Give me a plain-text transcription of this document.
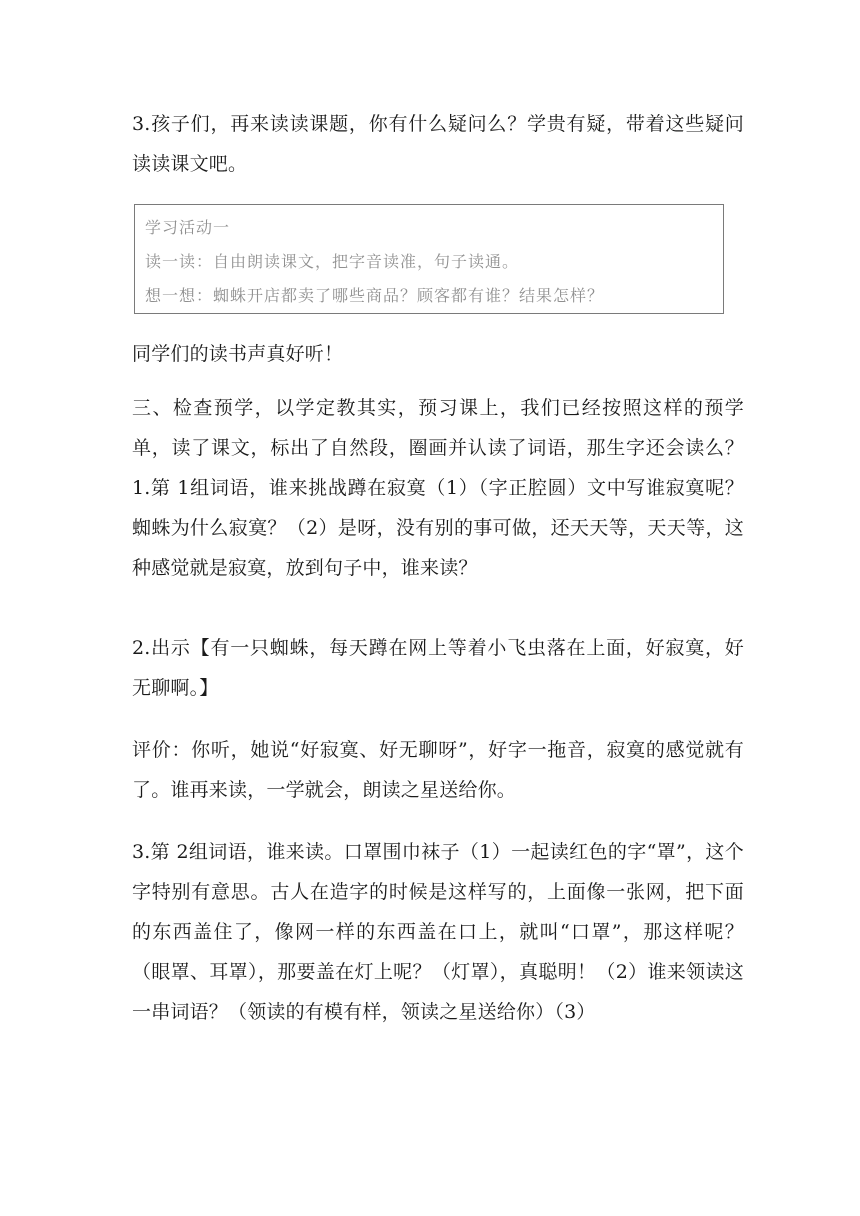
3.孩子们，再来读读课题，你有什么疑问么？学贵有疑，带着这些疑问读读课文吧。

学习活动一
读一读：自由朗读课文，把字音读准，句子读通。
想一想：蜘蛛开店都卖了哪些商品？顾客都有谁？结果怎样？

同学们的读书声真好听！

三、检查预学，以学定教其实，预习课上，我们已经按照这样的预学单，读了课文，标出了自然段，圈画并认读了词语，那生字还会读么？1.第 1组词语，谁来挑战蹲在寂寞（1）（字正腔圆）文中写谁寂寞呢？蜘蛛为什么寂寞？（2）是呀，没有别的事可做，还天天等，天天等，这种感觉就是寂寞，放到句子中，谁来读？

2.出示【有一只蜘蛛，每天蹲在网上等着小飞虫落在上面，好寂寞，好无聊啊。】

评价：你听，她说“好寂寞、好无聊呀”，好字一拖音，寂寞的感觉就有了。谁再来读，一学就会，朗读之星送给你。

3.第 2组词语，谁来读。口罩围巾袜子（1）一起读红色的字“罩”，这个字特别有意思。古人在造字的时候是这样写的，上面像一张网，把下面的东西盖住了，像网一样的东西盖在口上，就叫“口罩”，那这样呢？（眼罩、耳罩），那要盖在灯上呢？（灯罩），真聪明！（2）谁来领读这一串词语？（领读的有模有样，领读之星送给你）（3）
